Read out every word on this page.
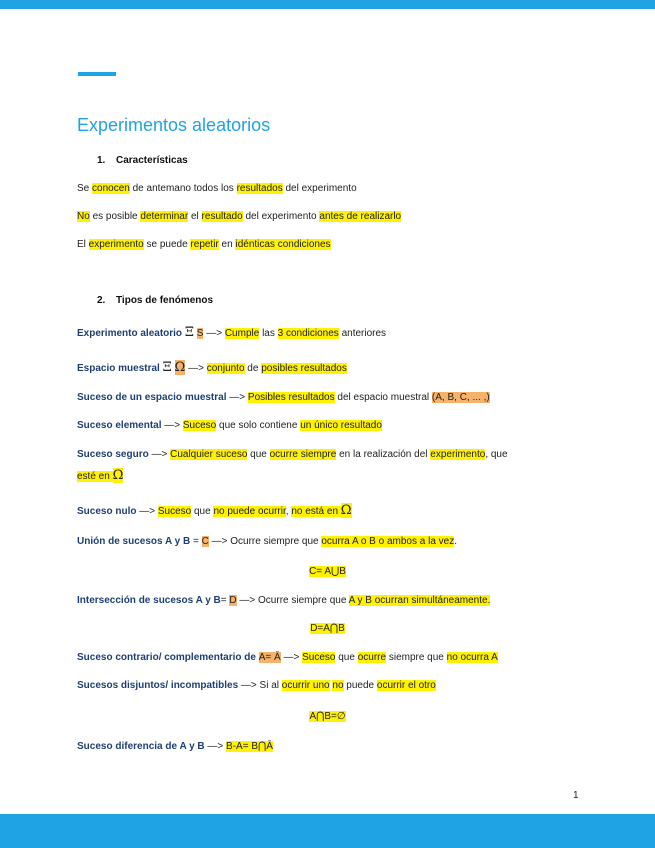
Experimentos aleatorios
1. Características
Se conocen de antemano todos los resultados del experimento
No es posible determinar el resultado del experimento antes de realizarlo
El experimento se puede repetir en idénticas condiciones
2. Tipos de fenómenos
Experimento aleatorio Ξ S —> Cumple las 3 condiciones anteriores
Espacio muestral Ξ Ω —> conjunto de posibles resultados
Suceso de un espacio muestral —> Posibles resultados del espacio muestral (A, B, C, ... ,)
Suceso elemental —> Suceso que solo contiene un único resultado
Suceso seguro —> Cualquier suceso que ocurre siempre en la realización del experimento, que
esté en Ω
Suceso nulo —> Suceso que no puede ocurrir, no está en Ω
Unión de sucesos A y B = C —> Ocurre siempre que ocurra A o B o ambos a la vez.
C= A⋃B
Intersección de sucesos A y B= D —> Ocurre siempre que A y B ocurran simultáneamente.
D=A⋂B
Suceso contrario/ complementario de A= Ā —> Suceso que ocurre siempre que no ocurra A
Sucesos disjuntos/ incompatibles —> Si al ocurrir uno no puede ocurrir el otro
A⋂B=∅
Suceso diferencia de A y B —> B-A= B⋂Ā
1
